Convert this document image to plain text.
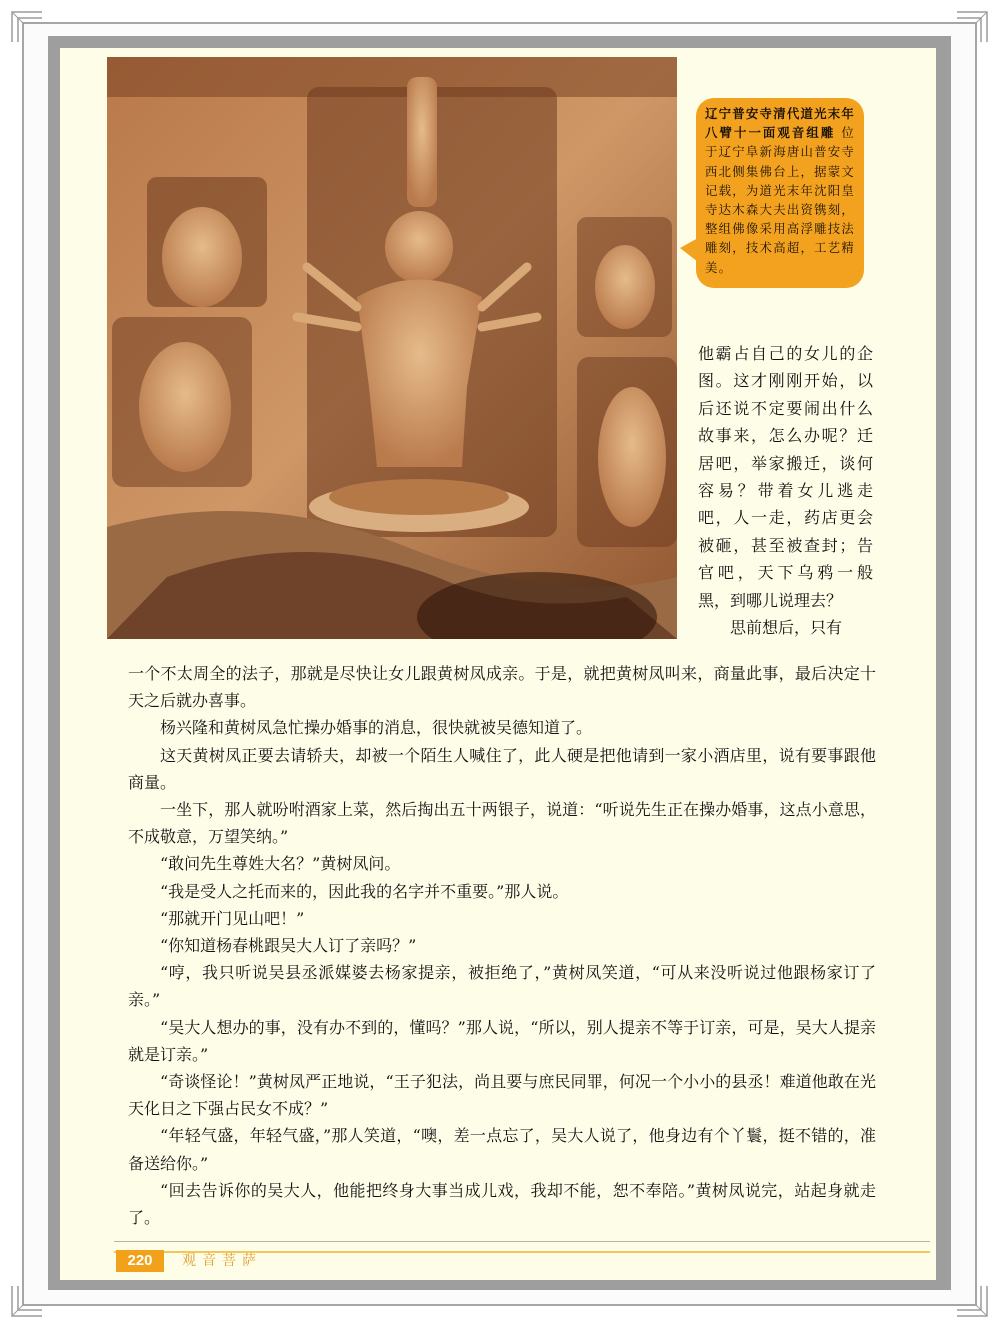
辽宁普安寺清代道光末年八臂十一面观音组雕 位于辽宁阜新海唐山普安寺西北侧集佛台上，据蒙文记载，为道光末年沈阳皇寺达木森大夫出资镌刻，整组佛像采用高浮雕技法雕刻，技术高超，工艺精美。

他霸占自己的女儿的企图。这才刚刚开始，以后还说不定要闹出什么故事来，怎么办呢？迁居吧，举家搬迁，谈何容易？带着女儿逃走吧，人一走，药店更会被砸，甚至被查封；告官吧，天下乌鸦一般黑，到哪儿说理去？

思前想后，只有

一个不太周全的法子，那就是尽快让女儿跟黄树凤成亲。于是，就把黄树凤叫来，商量此事，最后决定十天之后就办喜事。

杨兴隆和黄树凤急忙操办婚事的消息，很快就被吴德知道了。

这天黄树凤正要去请轿夫，却被一个陌生人喊住了，此人硬是把他请到一家小酒店里，说有要事跟他商量。

一坐下，那人就吩咐酒家上菜，然后掏出五十两银子，说道：“听说先生正在操办婚事，这点小意思，不成敬意，万望笑纳。”

“敢问先生尊姓大名？”黄树凤问。

“我是受人之托而来的，因此我的名字并不重要。”那人说。

“那就开门见山吧！”

“你知道杨春桃跟吴大人订了亲吗？”

“哼，我只听说吴县丞派媒婆去杨家提亲，被拒绝了，”黄树凤笑道，“可从来没听说过他跟杨家订了亲。”

“吴大人想办的事，没有办不到的，懂吗？”那人说，“所以，别人提亲不等于订亲，可是，吴大人提亲就是订亲。”

“奇谈怪论！”黄树凤严正地说，“王子犯法，尚且要与庶民同罪，何况一个小小的县丞！难道他敢在光天化日之下强占民女不成？”

“年轻气盛，年轻气盛，”那人笑道，“噢，差一点忘了，吴大人说了，他身边有个丫鬟，挺不错的，准备送给你。”

“回去告诉你的吴大人，他能把终身大事当成儿戏，我却不能，恕不奉陪。”黄树凤说完，站起身就走了。

220	观音菩萨
